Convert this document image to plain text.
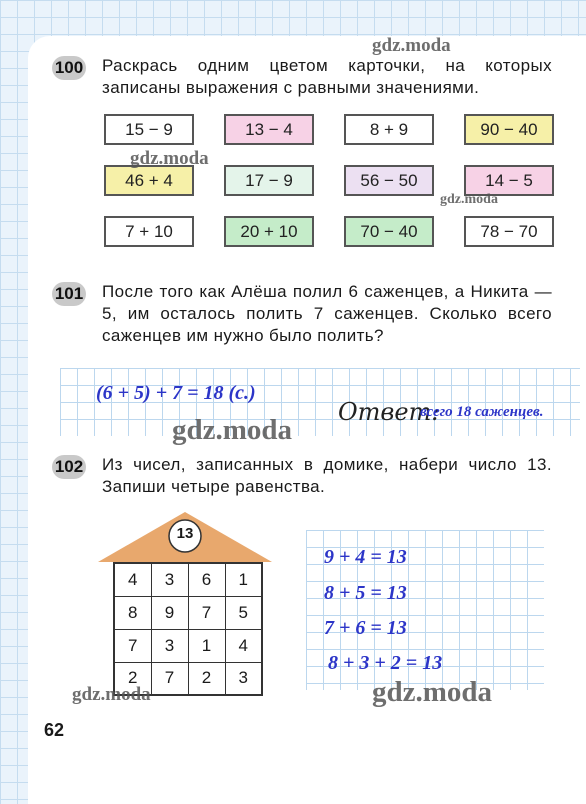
100 Раскрась одним цветом карточки, на которых записаны выражения с равными значениями.
15 − 9	13 − 4	8 + 9	90 − 40
46 + 4	17 − 9	56 − 50	14 − 5
7 + 10	20 + 10	70 − 40	78 − 70
101 После того как Алёша полил 6 саженцев, а Никита — 5, им осталось полить 7 саженцев. Сколько всего саженцев им нужно было полить?
(6 + 5) + 7 = 18 (с.)
Ответ:
всего 18 саженцев.
102 Из чисел, записанных в домике, набери число 13. Запиши четыре равенства.
13
4	3	6	1
8	9	7	5
7	3	1	4
2	7	2	3
9 + 4 = 13
8 + 5 = 13
7 + 6 = 13
8 + 3 + 2 = 13
gdz.moda
gdz.moda
gdz.moda
gdz.moda
gdz.moda	gdz.moda
62
